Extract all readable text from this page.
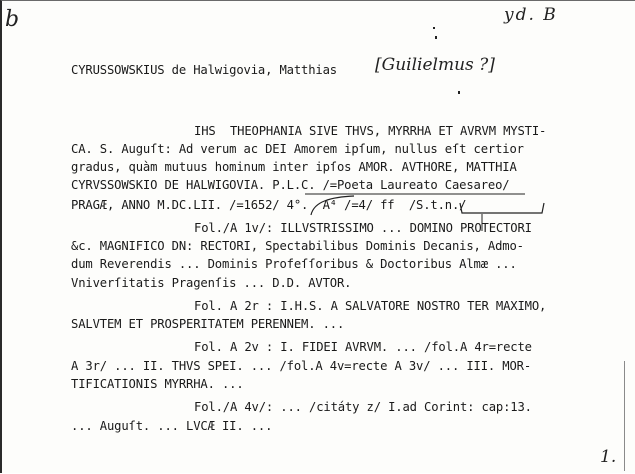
b	yd. B
1.
CYRUSSOWSKIUS de Halwigovia, Matthias [Guilielmus ?]
IHS  THEOPHANIA SIVE THVS, MYRRHA ET AVRVM MYSTI-
CA. S. Auguſt: Ad verum ac DEI Amorem ipſum, nullus eſt certior
gradus, quàm mutuus hominum inter ipſos AMOR. AVTHORE, MATTHIA
CYRVSSOWSKIO DE HALWIGOVIA. P.L.C. /=Poeta Laureato Caesareo/
PRAGÆ, ANNO M.DC.LII. /=1652/ 4°.  A⁴ /=4/ ff  /S.t.n./
Fol./A 1v/: ILLVSTRISSIMO ... DOMINO PROTECTORI
&c. MAGNIFICO DN: RECTORI, Spectabilibus Dominis Decanis, Admo-
dum Reverendis ... Dominis Profeſſoribus & Doctoribus Almæ ...
Vniverſitatis Pragenſis ... D.D. AVTOR.
Fol. A 2r : I.H.S. A SALVATORE NOSTRO TER MAXIMO,
SALVTEM ET PROSPERITATEM PERENNEM. ...
Fol. A 2v : I. FIDEI AVRVM. ... /fol.A 4r=recte
A 3r/ ... II. THVS SPEI. ... /fol.A 4v=recte A 3v/ ... III. MOR-
TIFICATIONIS MYRRHA. ...
Fol./A 4v/: ... /citáty z/ I.ad Corint: cap:13.
... Auguſt. ... LVCÆ II. ...
